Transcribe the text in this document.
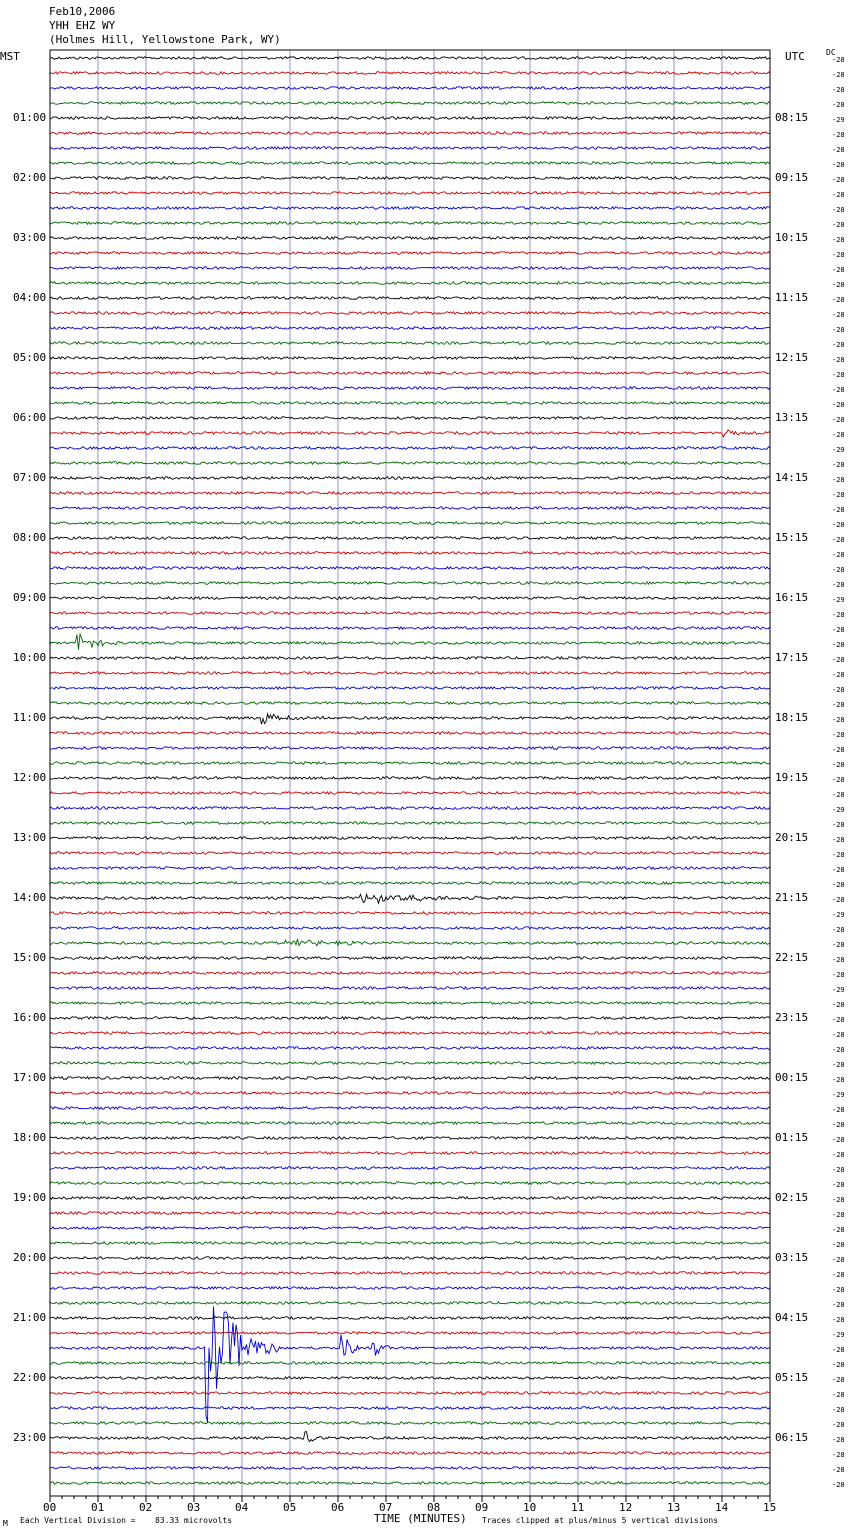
Feb10,2006
YHH EHZ WY
(Holmes Hill, Yellowstone Park, WY)
MST	UTC	DC
-28
-28
-28
-28
-29
-28
-28
-28
-28
-28
-28
-28
-28
-28
-28
-28
-28
-28
-28
-28
-28
-28
-28
-28
-28
-28
-29
-28
-28
-28
-28
-28
-28
-28
-28
-28
-29
-28
-28
-28
-28
-28
-28
-28
-28
-28
-28
-28
-28
-28
-29
-28
-28
-28
-28
-28
-28
-29
-28
-28
-28
-28
-29
-28
-28
-28
-28
-28
-28
-29
-28
-28
-28
-28
-28
-28
-28
-28
-28
-28
-28
-28
-28
-28
-28
-29
-28
-28
-28
-28
-28
-28
-28
-28
-28
-28
01:00
02:00
03:00
04:00
05:00
06:00
07:00
08:00
09:00
10:00
11:00
12:00
13:00
14:00
15:00
16:00
17:00
18:00
19:00
20:00
21:00
22:00
23:00
08:15
09:15
10:15
11:15
12:15
13:15
14:15
15:15
16:15
17:15
18:15
19:15
20:15
21:15
22:15
23:15
00:15
01:15
02:15
03:15
04:15
05:15
06:15
00	01	02	03	04	05	06	07	08	09	10	11	12	13	14	15
M Each Vertical Division = 83.33 microvolts	TIME (MINUTES) Traces clipped at plus/minus 5 vertical divisions
